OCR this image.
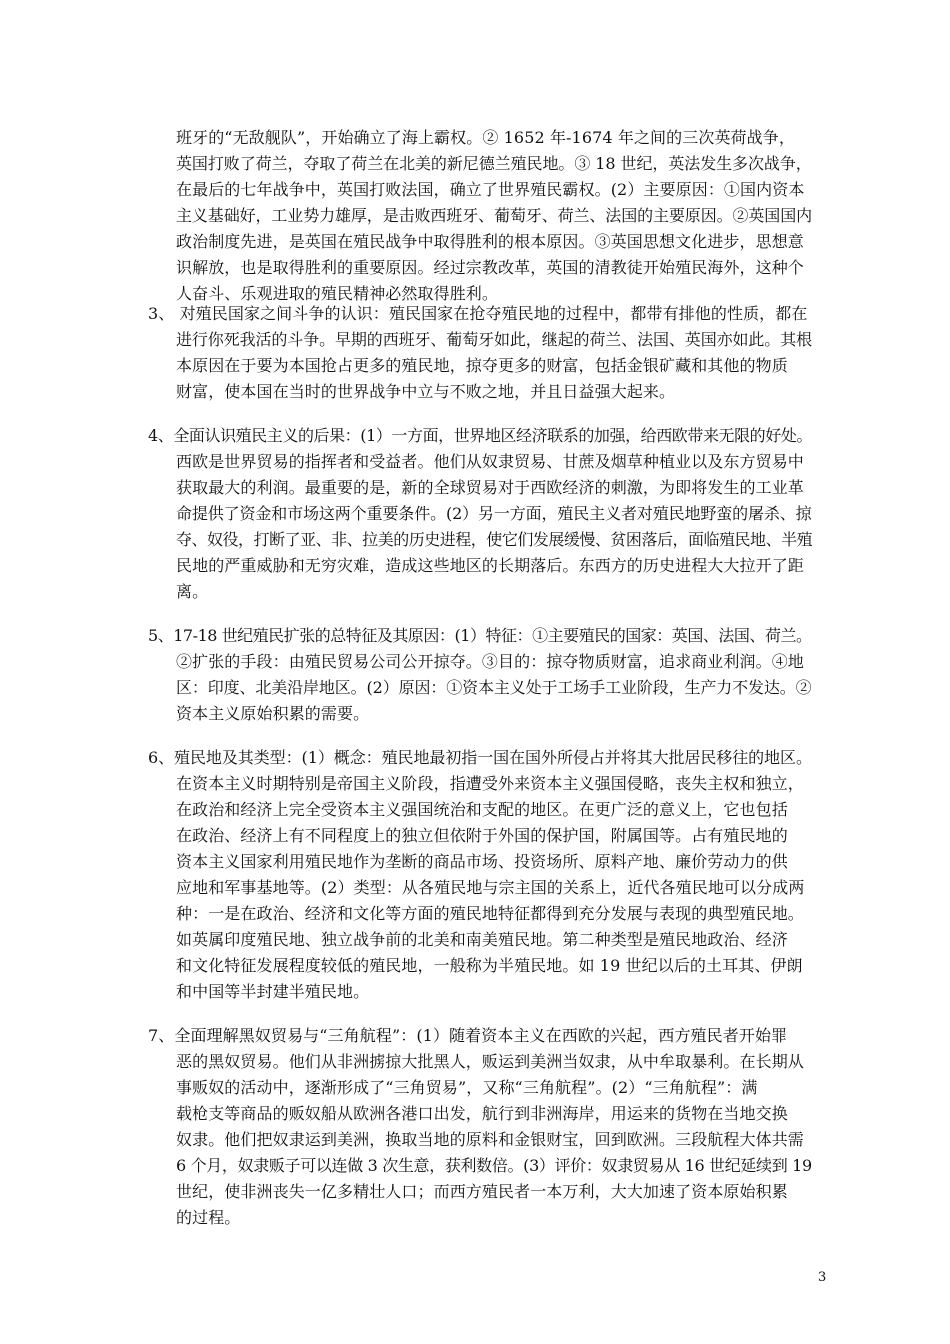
班牙的“无敌舰队”，开始确立了海上霸权。② 1652 年-1674 年之间的三次英荷战争，
英国打败了荷兰，夺取了荷兰在北美的新尼德兰殖民地。③ 18 世纪，英法发生多次战争，
在最后的七年战争中，英国打败法国，确立了世界殖民霸权。(2）主要原因：①国内资本
主义基础好，工业势力雄厚，是击败西班牙、葡萄牙、荷兰、法国的主要原因。②英国国内
政治制度先进，是英国在殖民战争中取得胜利的根本原因。③英国思想文化进步，思想意
识解放，也是取得胜利的重要原因。经过宗教改革，英国的清教徒开始殖民海外，这种个
人奋斗、乐观进取的殖民精神必然取得胜利。
3、 对殖民国家之间斗争的认识：殖民国家在抢夺殖民地的过程中，都带有排他的性质，都在
进行你死我活的斗争。早期的西班牙、葡萄牙如此，继起的荷兰、法国、英国亦如此。其根
本原因在于要为本国抢占更多的殖民地，掠夺更多的财富，包括金银矿藏和其他的物质
财富，使本国在当时的世界战争中立与不败之地，并且日益强大起来。
4、全面认识殖民主义的后果：(1）一方面，世界地区经济联系的加强，给西欧带来无限的好处。
西欧是世界贸易的指挥者和受益者。他们从奴隶贸易、甘蔗及烟草种植业以及东方贸易中
获取最大的利润。最重要的是，新的全球贸易对于西欧经济的刺激，为即将发生的工业革
命提供了资金和市场这两个重要条件。(2）另一方面，殖民主义者对殖民地野蛮的屠杀、掠
夺、奴役，打断了亚、非、拉美的历史进程，使它们发展缓慢、贫困落后，面临殖民地、半殖
民地的严重威胁和无穷灾难，造成这些地区的长期落后。东西方的历史进程大大拉开了距
离。
5、17-18 世纪殖民扩张的总特征及其原因：(1）特征：①主要殖民的国家：英国、法国、荷兰。
②扩张的手段：由殖民贸易公司公开掠夺。③目的：掠夺物质财富，追求商业利润。④地
区：印度、北美沿岸地区。(2）原因：①资本主义处于工场手工业阶段，生产力不发达。②
资本主义原始积累的需要。
6、殖民地及其类型：(1）概念：殖民地最初指一国在国外所侵占并将其大批居民移往的地区。
在资本主义时期特别是帝国主义阶段，指遭受外来资本主义强国侵略，丧失主权和独立，
在政治和经济上完全受资本主义强国统治和支配的地区。在更广泛的意义上，它也包括
在政治、经济上有不同程度上的独立但依附于外国的保护国，附属国等。占有殖民地的
资本主义国家利用殖民地作为垄断的商品市场、投资场所、原料产地、廉价劳动力的供
应地和军事基地等。(2）类型：从各殖民地与宗主国的关系上，近代各殖民地可以分成两
种：一是在政治、经济和文化等方面的殖民地特征都得到充分发展与表现的典型殖民地。
如英属印度殖民地、独立战争前的北美和南美殖民地。第二种类型是殖民地政治、经济
和文化特征发展程度较低的殖民地，一般称为半殖民地。如 19 世纪以后的土耳其、伊朗
和中国等半封建半殖民地。
7、全面理解黑奴贸易与“三角航程”：(1）随着资本主义在西欧的兴起，西方殖民者开始罪
恶的黑奴贸易。他们从非洲掳掠大批黑人，贩运到美洲当奴隶，从中牟取暴利。在长期从
事贩奴的活动中，逐渐形成了“三角贸易”，又称“三角航程”。(2）“三角航程”：满
载枪支等商品的贩奴船从欧洲各港口出发，航行到非洲海岸，用运来的货物在当地交换
奴隶。他们把奴隶运到美洲，换取当地的原料和金银财宝，回到欧洲。三段航程大体共需
6 个月，奴隶贩子可以连做 3 次生意，获利数倍。(3）评价：奴隶贸易从 16 世纪延续到 19
世纪，使非洲丧失一亿多精壮人口；而西方殖民者一本万利，大大加速了资本原始积累
的过程。
3
